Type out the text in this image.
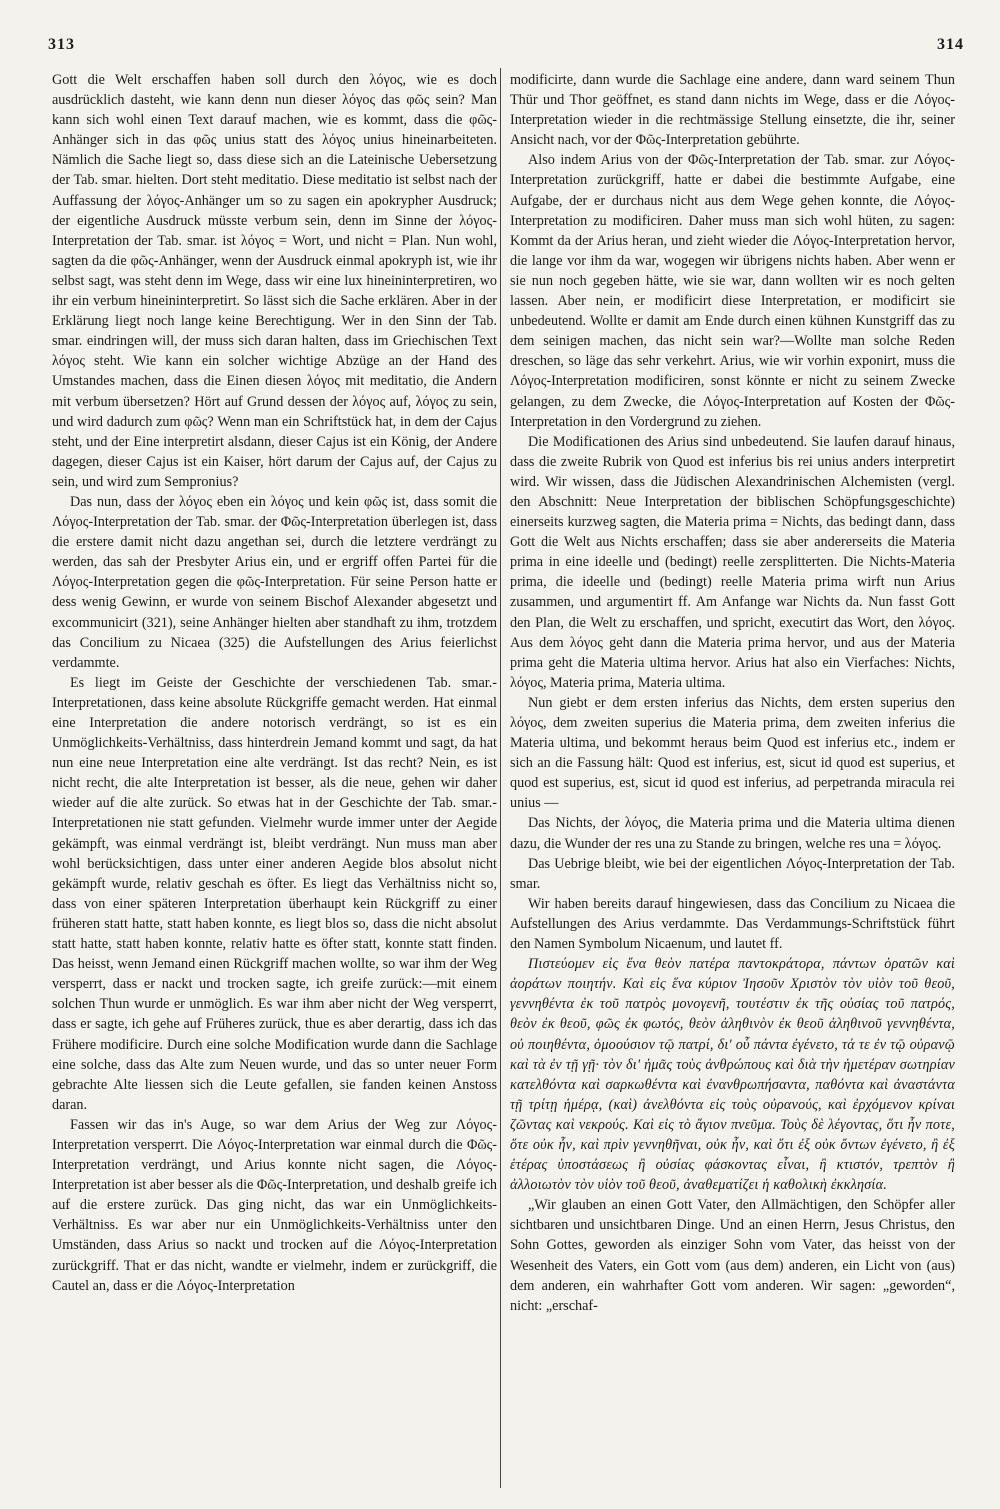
313	314

Gott die Welt erschaffen haben soll durch den λόγος, wie es doch ausdrücklich dasteht, wie kann denn nun dieser λόγος das φῶς sein? Man kann sich wohl einen Text darauf machen, wie es kommt, dass die φῶς-Anhänger sich in das φῶς unius statt des λόγος unius hineinarbeiteten. Nämlich die Sache liegt so, dass diese sich an die Lateinische Uebersetzung der Tab. smar. hielten. Dort steht meditatio. Diese meditatio ist selbst nach der Auffassung der λόγος-Anhänger um so zu sagen ein apokrypher Ausdruck; der eigentliche Ausdruck müsste verbum sein, denn im Sinne der λόγος-Interpretation der Tab. smar. ist λόγος = Wort, und nicht = Plan. Nun wohl, sagten da die φῶς-Anhänger, wenn der Ausdruck einmal apokryph ist, wie ihr selbst sagt, was steht denn im Wege, dass wir eine lux hineininterpretiren, wo ihr ein verbum hineininterpretirt. So lässt sich die Sache erklären. Aber in der Erklärung liegt noch lange keine Berechtigung. Wer in den Sinn der Tab. smar. eindringen will, der muss sich daran halten, dass im Griechischen Text λόγος steht. Wie kann ein solcher wichtige Abzüge an der Hand des Umstandes machen, dass die Einen diesen λόγος mit meditatio, die Andern mit verbum übersetzen? Hört auf Grund dessen der λόγος auf, λόγος zu sein, und wird dadurch zum φῶς? Wenn man ein Schriftstück hat, in dem der Cajus steht, und der Eine interpretirt alsdann, dieser Cajus ist ein König, der Andere dagegen, dieser Cajus ist ein Kaiser, hört darum der Cajus auf, der Cajus zu sein, und wird zum Sempronius?

Das nun, dass der λόγος eben ein λόγος und kein φῶς ist, dass somit die Λόγος-Interpretation der Tab. smar. der Φῶς-Interpretation überlegen ist, dass die erstere damit nicht dazu angethan sei, durch die letztere verdrängt zu werden, das sah der Presbyter Arius ein, und er ergriff offen Partei für die Λόγος-Interpretation gegen die φῶς-Interpretation. Für seine Person hatte er dess wenig Gewinn, er wurde von seinem Bischof Alexander abgesetzt und excommunicirt (321), seine Anhänger hielten aber standhaft zu ihm, trotzdem das Concilium zu Nicaea (325) die Aufstellungen des Arius feierlichst verdammte.

Es liegt im Geiste der Geschichte der verschiedenen Tab. smar.-Interpretationen, dass keine absolute Rückgriffe gemacht werden. Hat einmal eine Interpretation die andere notorisch verdrängt, so ist es ein Unmöglichkeits-Verhältniss, dass hinterdrein Jemand kommt und sagt, da hat nun eine neue Interpretation eine alte verdrängt. Ist das recht? Nein, es ist nicht recht, die alte Interpretation ist besser, als die neue, gehen wir daher wieder auf die alte zurück. So etwas hat in der Geschichte der Tab. smar.-Interpretationen nie statt gefunden. Vielmehr wurde immer unter der Aegide gekämpft, was einmal verdrängt ist, bleibt verdrängt. Nun muss man aber wohl berücksichtigen, dass unter einer anderen Aegide blos absolut nicht gekämpft wurde, relativ geschah es öfter. Es liegt das Verhältniss nicht so, dass von einer späteren Interpretation überhaupt kein Rückgriff zu einer früheren statt hatte, statt haben konnte, es liegt blos so, dass die nicht absolut statt hatte, statt haben konnte, relativ hatte es öfter statt, konnte statt finden. Das heisst, wenn Jemand einen Rückgriff machen wollte, so war ihm der Weg versperrt, dass er nackt und trocken sagte, ich greife zurück:—mit einem solchen Thun wurde er unmöglich. Es war ihm aber nicht der Weg versperrt, dass er sagte, ich gehe auf Früheres zurück, thue es aber derartig, dass ich das Frühere modificire. Durch eine solche Modification wurde dann die Sachlage eine solche, dass das Alte zum Neuen wurde, und das so unter neuer Form gebrachte Alte liessen sich die Leute gefallen, sie fanden keinen Anstoss daran.

Fassen wir das in's Auge, so war dem Arius der Weg zur Λόγος-Interpretation versperrt. Die Λόγος-Interpretation war einmal durch die Φῶς-Interpretation verdrängt, und Arius konnte nicht sagen, die Λόγος-Interpretation ist aber besser als die Φῶς-Interpretation, und deshalb greife ich auf die erstere zurück. Das ging nicht, das war ein Unmöglichkeits-Verhältniss. Es war aber nur ein Unmöglichkeits-Verhältniss unter den Umständen, dass Arius so nackt und trocken auf die Λόγος-Interpretation zurückgriff. That er das nicht, wandte er vielmehr, indem er zurückgriff, die Cautel an, dass er die Λόγος-Interpretation

modificirte, dann wurde die Sachlage eine andere, dann ward seinem Thun Thür und Thor geöffnet, es stand dann nichts im Wege, dass er die Λόγος-Interpretation wieder in die rechtmässige Stellung einsetzte, die ihr, seiner Ansicht nach, vor der Φῶς-Interpretation gebührte.

Also indem Arius von der Φῶς-Interpretation der Tab. smar. zur Λόγος-Interpretation zurückgriff, hatte er dabei die bestimmte Aufgabe, eine Aufgabe, der er durchaus nicht aus dem Wege gehen konnte, die Λόγος-Interpretation zu modificiren. Daher muss man sich wohl hüten, zu sagen: Kommt da der Arius heran, und zieht wieder die Λόγος-Interpretation hervor, die lange vor ihm da war, wogegen wir übrigens nichts haben. Aber wenn er sie nun noch gegeben hätte, wie sie war, dann wollten wir es noch gelten lassen. Aber nein, er modificirt diese Interpretation, er modificirt sie unbedeutend. Wollte er damit am Ende durch einen kühnen Kunstgriff das zu dem seinigen machen, das nicht sein war?—Wollte man solche Reden dreschen, so läge das sehr verkehrt. Arius, wie wir vorhin exponirt, muss die Λόγος-Interpretation modificiren, sonst könnte er nicht zu seinem Zwecke gelangen, zu dem Zwecke, die Λόγος-Interpretation auf Kosten der Φῶς-Interpretation in den Vordergrund zu ziehen.

Die Modificationen des Arius sind unbedeutend. Sie laufen darauf hinaus, dass die zweite Rubrik von Quod est inferius bis rei unius anders interpretirt wird. Wir wissen, dass die Jüdischen Alexandrinischen Alchemisten (vergl. den Abschnitt: Neue Interpretation der biblischen Schöpfungsgeschichte) einerseits kurzweg sagten, die Materia prima = Nichts, das bedingt dann, dass Gott die Welt aus Nichts erschaffen; dass sie aber andererseits die Materia prima in eine ideelle und (bedingt) reelle zersplitterten. Die Nichts-Materia prima, die ideelle und (bedingt) reelle Materia prima wirft nun Arius zusammen, und argumentirt ff. Am Anfange war Nichts da. Nun fasst Gott den Plan, die Welt zu erschaffen, und spricht, executirt das Wort, den λόγος. Aus dem λόγος geht dann die Materia prima hervor, und aus der Materia prima geht die Materia ultima hervor. Arius hat also ein Vierfaches: Nichts, λόγος, Materia prima, Materia ultima.

Nun giebt er dem ersten inferius das Nichts, dem ersten superius den λόγος, dem zweiten superius die Materia prima, dem zweiten inferius die Materia ultima, und bekommt heraus beim Quod est inferius etc., indem er sich an die Fassung hält: Quod est inferius, est, sicut id quod est superius, et quod est superius, est, sicut id quod est inferius, ad perpetranda miracula rei unius —

Das Nichts, der λόγος, die Materia prima und die Materia ultima dienen dazu, die Wunder der res una zu Stande zu bringen, welche res una = λόγος.

Das Uebrige bleibt, wie bei der eigentlichen Λόγος-Interpretation der Tab. smar.

Wir haben bereits darauf hingewiesen, dass das Concilium zu Nicaea die Aufstellungen des Arius verdammte. Das Verdammungs-Schriftstück führt den Namen Symbolum Nicaenum, und lautet ff.

Πιστεύομεν εἰς ἕνα θεὸν πατέρα παντοκράτορα, πάντων ὁρατῶν καὶ ἀοράτων ποιητήν. Καὶ εἰς ἕνα κύριον Ἰησοῦν Χριστὸν τὸν υἱὸν τοῦ θεοῦ, γεννηθέντα ἐκ τοῦ πατρὸς μονογενῆ, τουτέστιν ἐκ τῆς οὐσίας τοῦ πατρός, θεὸν ἐκ θεοῦ, φῶς ἐκ φωτός, θεὸν ἀληθινὸν ἐκ θεοῦ ἀληθινοῦ γεννηθέντα, οὐ ποιηθέντα, ὁμοούσιον τῷ πατρί, δι' οὗ πάντα ἐγένετο, τά τε ἐν τῷ οὐρανῷ καὶ τὰ ἐν τῇ γῇ· τὸν δι' ἡμᾶς τοὺς ἀνθρώπους καὶ διὰ τὴν ἡμετέραν σωτηρίαν κατελθόντα καὶ σαρκωθέντα καὶ ἐνανθρωπήσαντα, παθόντα καὶ ἀναστάντα τῇ τρίτῃ ἡμέρᾳ, (καὶ) ἀνελθόντα εἰς τοὺς οὐρανούς, καὶ ἐρχόμενον κρίναι ζῶντας καὶ νεκρούς. Καὶ εἰς τὸ ἅγιον πνεῦμα. Τοὺς δὲ λέγοντας, ὅτι ἦν ποτε, ὅτε οὐκ ἦν, καὶ πρὶν γεννηθῆναι, οὐκ ἦν, καὶ ὅτι ἐξ οὐκ ὄντων ἐγένετο, ἢ ἐξ ἑτέρας ὑποστάσεως ἢ οὐσίας φάσκοντας εἶναι, ἢ κτιστόν, τρεπτὸν ἢ ἀλλοιωτὸν τὸν υἱὸν τοῦ θεοῦ, ἀναθεματίζει ἡ καθολικὴ ἐκκλησία.

„Wir glauben an einen Gott Vater, den Allmächtigen, den Schöpfer aller sichtbaren und unsichtbaren Dinge. Und an einen Herrn, Jesus Christus, den Sohn Gottes, geworden als einziger Sohn vom Vater, das heisst von der Wesenheit des Vaters, ein Gott vom (aus dem) anderen, ein Licht von (aus) dem anderen, ein wahrhafter Gott vom anderen. Wir sagen: „geworden“, nicht: „erschaf-
